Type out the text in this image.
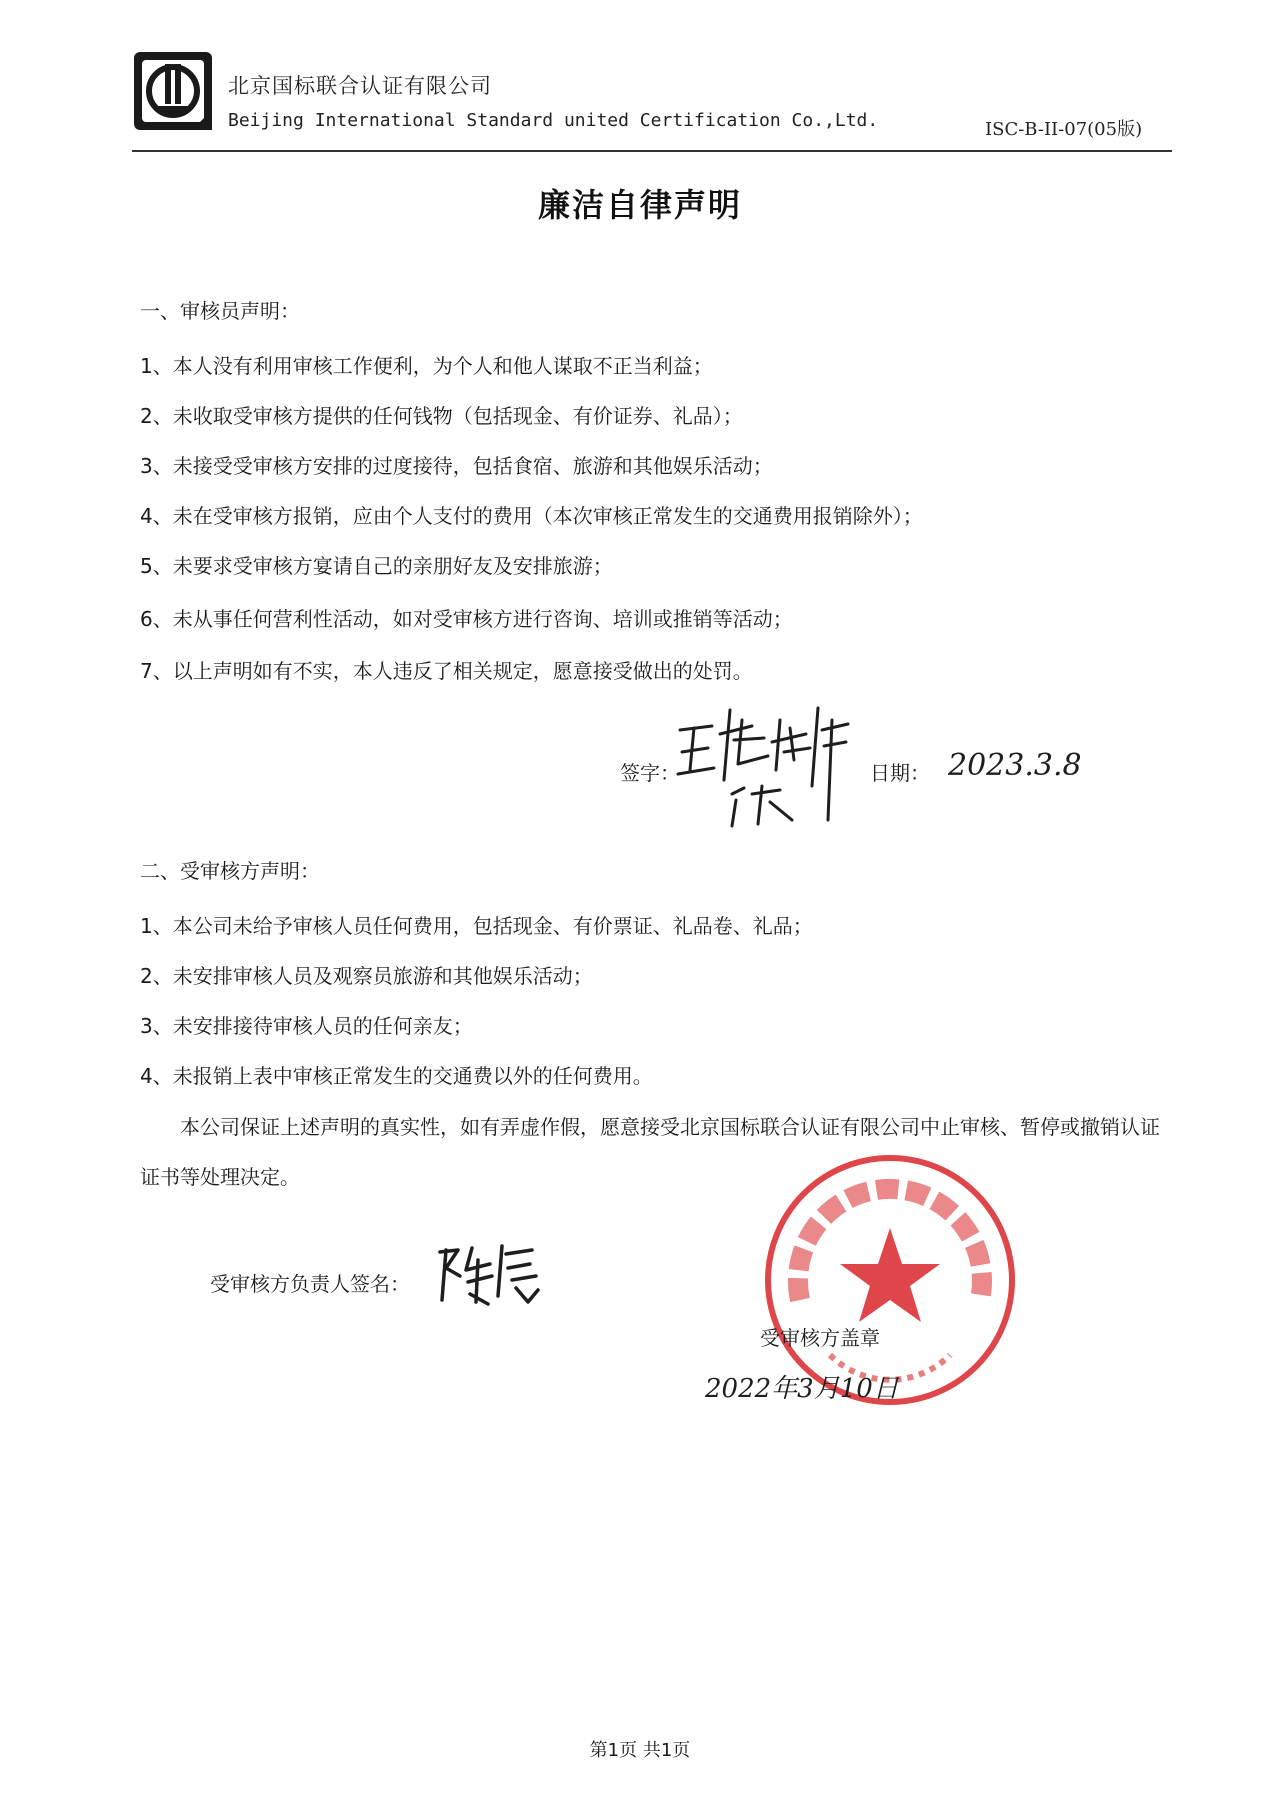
北京国标联合认证有限公司
Beijing International Standard united Certification Co.,Ltd.	ISC-B-II-07(05版)
廉洁自律声明
一、审核员声明：
1、本人没有利用审核工作便利，为个人和他人谋取不正当利益；
2、未收取受审核方提供的任何钱物（包括现金、有价证券、礼品）；
3、未接受受审核方安排的过度接待，包括食宿、旅游和其他娱乐活动；
4、未在受审核方报销，应由个人支付的费用（本次审核正常发生的交通费用报销除外）；
5、未要求受审核方宴请自己的亲朋好友及安排旅游；
6、未从事任何营利性活动，如对受审核方进行咨询、培训或推销等活动；
7、以上声明如有不实，本人违反了相关规定，愿意接受做出的处罚。
签字：	日期： 2023.3.8
二、受审核方声明：
1、本公司未给予审核人员任何费用，包括现金、有价票证、礼品卷、礼品；
2、未安排审核人员及观察员旅游和其他娱乐活动；
3、未安排接待审核人员的任何亲友；
4、未报销上表中审核正常发生的交通费以外的任何费用。
本公司保证上述声明的真实性，如有弄虚作假，愿意接受北京国标联合认证有限公司中止审核、暂停或撤销认证证书等处理决定。
受审核方负责人签名：
受审核方盖章
2022年3月10日
第1页 共1页
